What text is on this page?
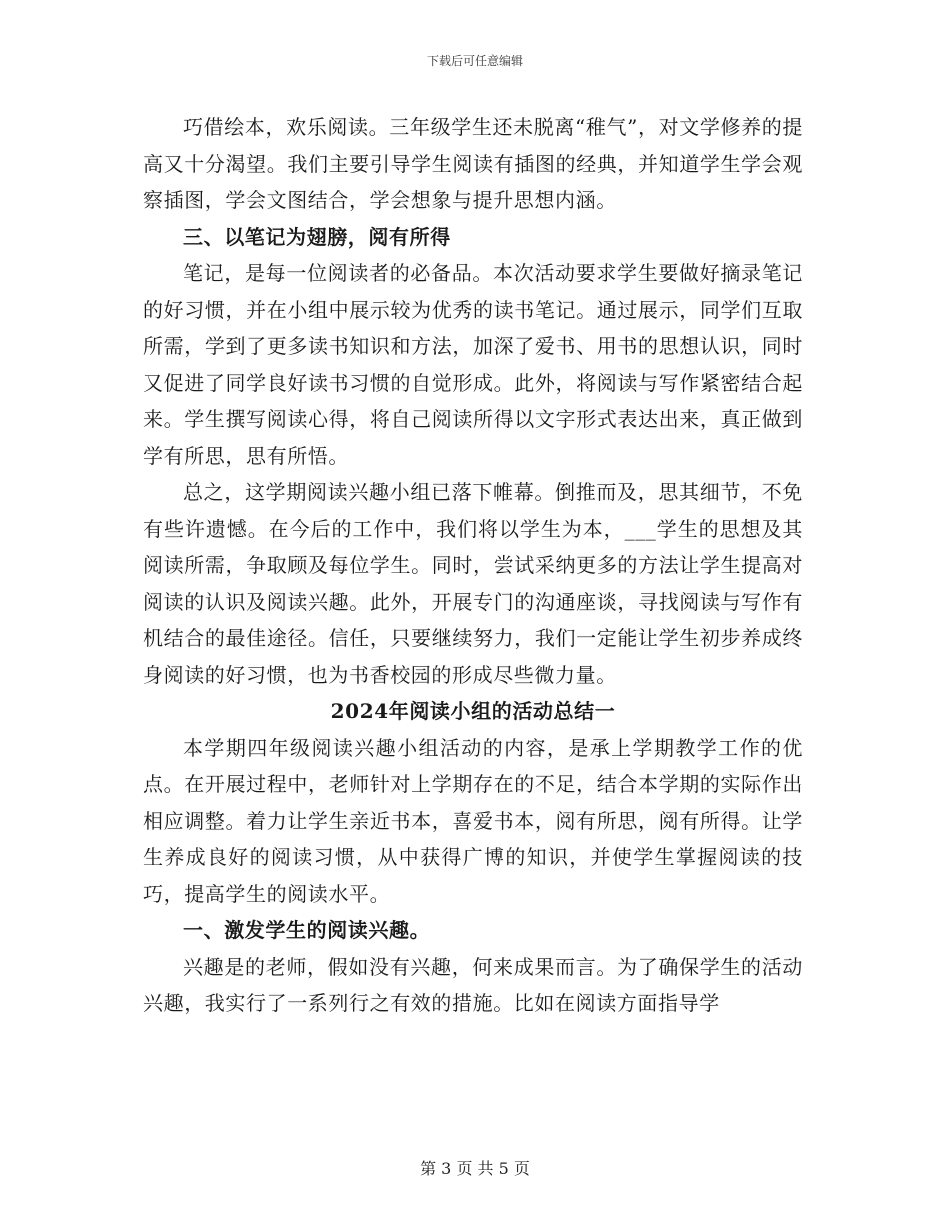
下载后可任意编辑

巧借绘本，欢乐阅读。三年级学生还未脱离“稚气”，对文学修养的提高又十分渴望。我们主要引导学生阅读有插图的经典，并知道学生学会观察插图，学会文图结合，学会想象与提升思想内涵。

三、以笔记为翅膀，阅有所得

笔记，是每一位阅读者的必备品。本次活动要求学生要做好摘录笔记的好习惯，并在小组中展示较为优秀的读书笔记。通过展示，同学们互取所需，学到了更多读书知识和方法，加深了爱书、用书的思想认识，同时又促进了同学良好读书习惯的自觉形成。此外，将阅读与写作紧密结合起来。学生撰写阅读心得，将自己阅读所得以文字形式表达出来，真正做到学有所思，思有所悟。

总之，这学期阅读兴趣小组已落下帷幕。倒推而及，思其细节，不免有些许遗憾。在今后的工作中，我们将以学生为本，___学生的思想及其阅读所需，争取顾及每位学生。同时，尝试采纳更多的方法让学生提高对阅读的认识及阅读兴趣。此外，开展专门的沟通座谈，寻找阅读与写作有机结合的最佳途径。信任，只要继续努力，我们一定能让学生初步养成终身阅读的好习惯，也为书香校园的形成尽些微力量。

2024年阅读小组的活动总结一

本学期四年级阅读兴趣小组活动的内容，是承上学期教学工作的优点。在开展过程中，老师针对上学期存在的不足，结合本学期的实际作出相应调整。着力让学生亲近书本，喜爱书本，阅有所思，阅有所得。让学生养成良好的阅读习惯，从中获得广博的知识，并使学生掌握阅读的技巧，提高学生的阅读水平。

一、激发学生的阅读兴趣。

兴趣是的老师，假如没有兴趣，何来成果而言。为了确保学生的活动兴趣，我实行了一系列行之有效的措施。比如在阅读方面指导学

第 3 页 共 5 页
